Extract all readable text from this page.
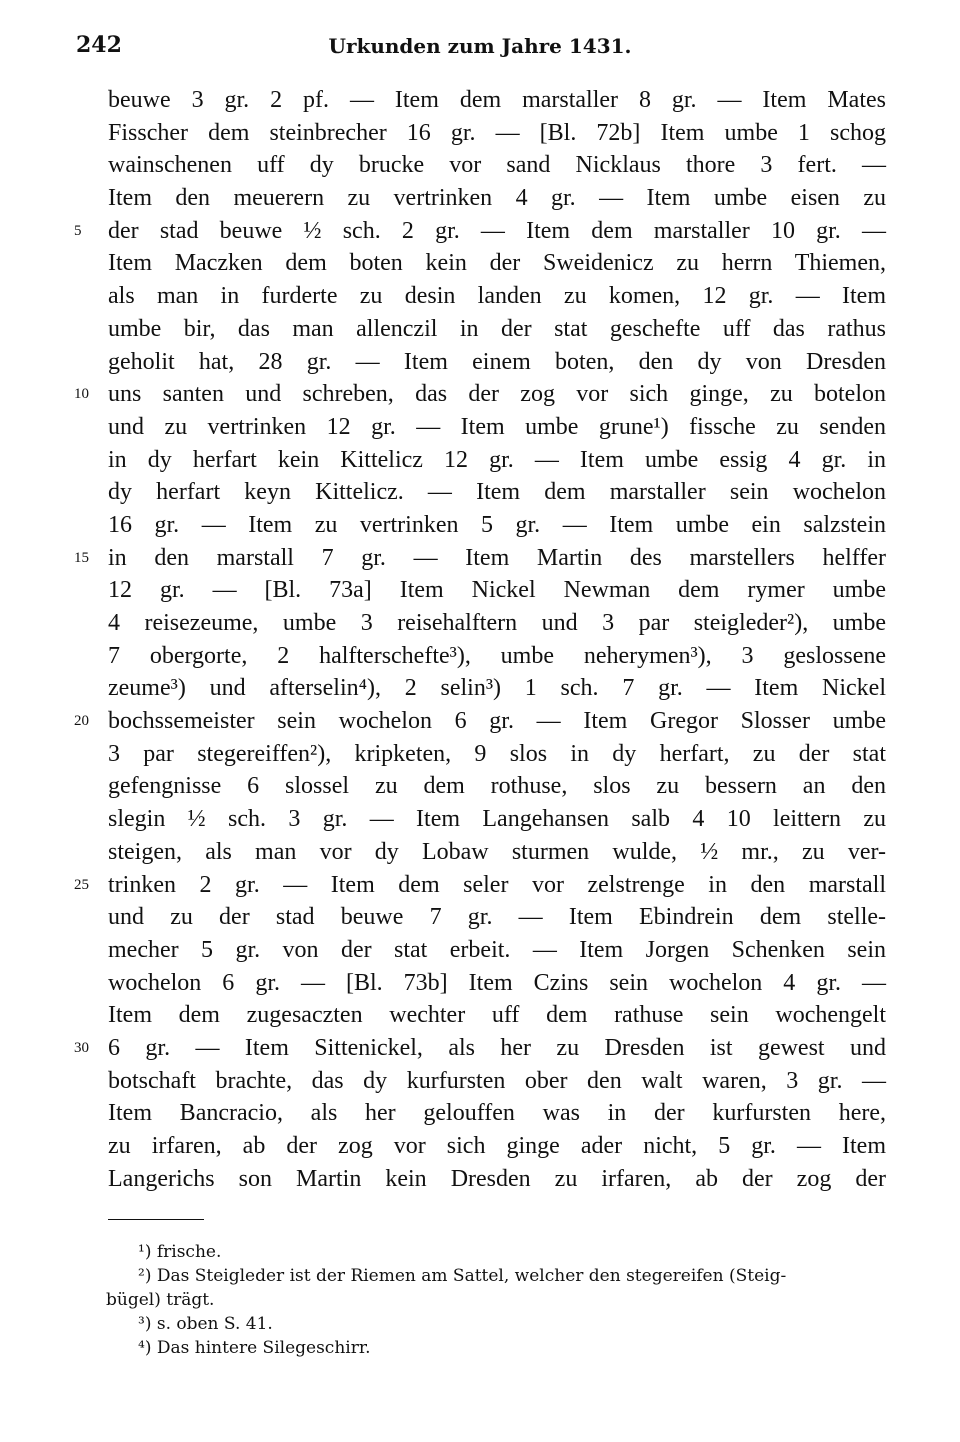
242	Urkunden zum Jahre 1431.
beuwe 3 gr. 2 pf. — Item dem marstaller 8 gr. — Item Mates
Fisscher dem steinbrecher 16 gr. — [Bl. 72b] Item umbe 1 schog
wainschenen uff dy brucke vor sand Nicklaus thore 3 fert. —
Item den meuerern zu vertrinken 4 gr. — Item umbe eisen zu
5	der stad beuwe ½ sch. 2 gr. — Item dem marstaller 10 gr. —
Item Maczken dem boten kein der Sweidenicz zu herrn Thiemen,
als man in furderte zu desin landen zu komen, 12 gr. — Item
umbe bir, das man allenczil in der stat geschefte uff das rathus
geholit hat, 28 gr. — Item einem boten, den dy von Dresden
10 uns santen und schreben, das der zog vor sich ginge, zu botelon
und zu vertrinken 12 gr. — Item umbe grune¹) fissche zu senden
in dy herfart kein Kittelicz 12 gr. — Item umbe essig 4 gr. in
dy herfart keyn Kittelicz. — Item dem marstaller sein wochelon
16 gr. — Item zu vertrinken 5 gr. — Item umbe ein salzstein
15 in den marstall 7 gr. — Item Martin des marstellers helffer
12 gr. — [Bl. 73a] Item Nickel Newman dem rymer umbe
4 reisezeume, umbe 3 reisehalftern und 3 par steigleder²), umbe
7 obergorte, 2 halfterschefte³), umbe neherymen³), 3 geslossene
zeume³) und afterselin⁴), 2 selin³) 1 sch. 7 gr. — Item Nickel
20 bochssemeister sein wochelon 6 gr. — Item Gregor Slosser umbe
3 par stegereiffen²), kripketen, 9 slos in dy herfart, zu der stat
gefengnisse 6 slossel zu dem rothuse, slos zu bessern an den
slegin ½ sch. 3 gr. — Item Langehansen salb 4 10 leittern zu
steigen, als man vor dy Lobaw sturmen wulde, ½ mr., zu ver-
25 trinken 2 gr. — Item dem seler vor zelstrenge in den marstall
und zu der stad beuwe 7 gr. — Item Ebindrein dem stelle-
mecher 5 gr. von der stat erbeit. — Item Jorgen Schenken sein
wochelon 6 gr. — [Bl. 73b] Item Czins sein wochelon 4 gr. —
Item dem zugesaczten wechter uff dem rathuse sein wochengelt
30 6 gr. — Item Sittenickel, als her zu Dresden ist gewest und
botschaft brachte, das dy kurfursten ober den walt waren, 3 gr. —
Item Bancracio, als her gelouffen was in der kurfursten here,
zu irfaren, ab der zog vor sich ginge ader nicht, 5 gr. — Item
Langerichs son Martin kein Dresden zu irfaren, ab der zog der
¹) frische.
²) Das Steigleder ist der Riemen am Sattel, welcher den stegereifen (Steig-
bügel) trägt.
³) s. oben S. 41.
⁴) Das hintere Silegeschirr.
